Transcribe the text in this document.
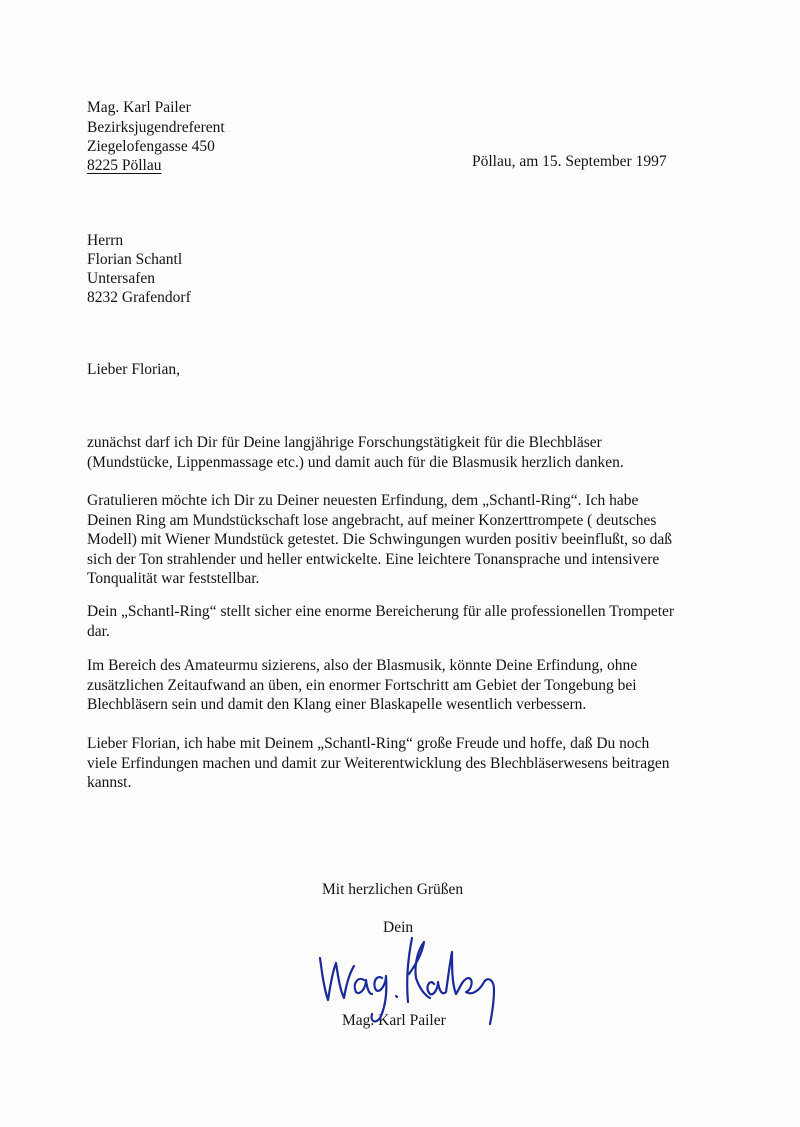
Mag. Karl Pailer
Bezirksjugendreferent
Ziegelofengasse 450
8225 Pöllau	Pöllau, am 15. September 1997
Herrn
Florian Schantl
Untersafen
8232 Grafendorf
Lieber Florian,
zunächst darf ich Dir für Deine langjährige Forschungstätigkeit für die Blechbläser
(Mundstücke, Lippenmassage etc.) und damit auch für die Blasmusik herzlich danken.
Gratulieren möchte ich Dir zu Deiner neuesten Erfindung, dem „Schantl-Ring“. Ich habe
Deinen Ring am Mundstückschaft lose angebracht, auf meiner Konzerttrompete ( deutsches
Modell) mit Wiener Mundstück getestet. Die Schwingungen wurden positiv beeinflußt, so daß
sich der Ton strahlender und heller entwickelte. Eine leichtere Tonansprache und intensivere
Tonqualität war feststellbar.
Dein „Schantl-Ring“ stellt sicher eine enorme Bereicherung für alle professionellen Trompeter
dar.
Im Bereich des Amateurmu sizierens, also der Blasmusik, könnte Deine Erfindung, ohne
zusätzlichen Zeitaufwand an üben, ein enormer Fortschritt am Gebiet der Tongebung bei
Blechbläsern sein und damit den Klang einer Blaskapelle wesentlich verbessern.
Lieber Florian, ich habe mit Deinem „Schantl-Ring“ große Freude und hoffe, daß Du noch
viele Erfindungen machen und damit zur Weiterentwicklung des Blechbläserwesens beitragen
kannst.
Mit herzlichen Grüßen
Dein
Mag. Karl Pailer
